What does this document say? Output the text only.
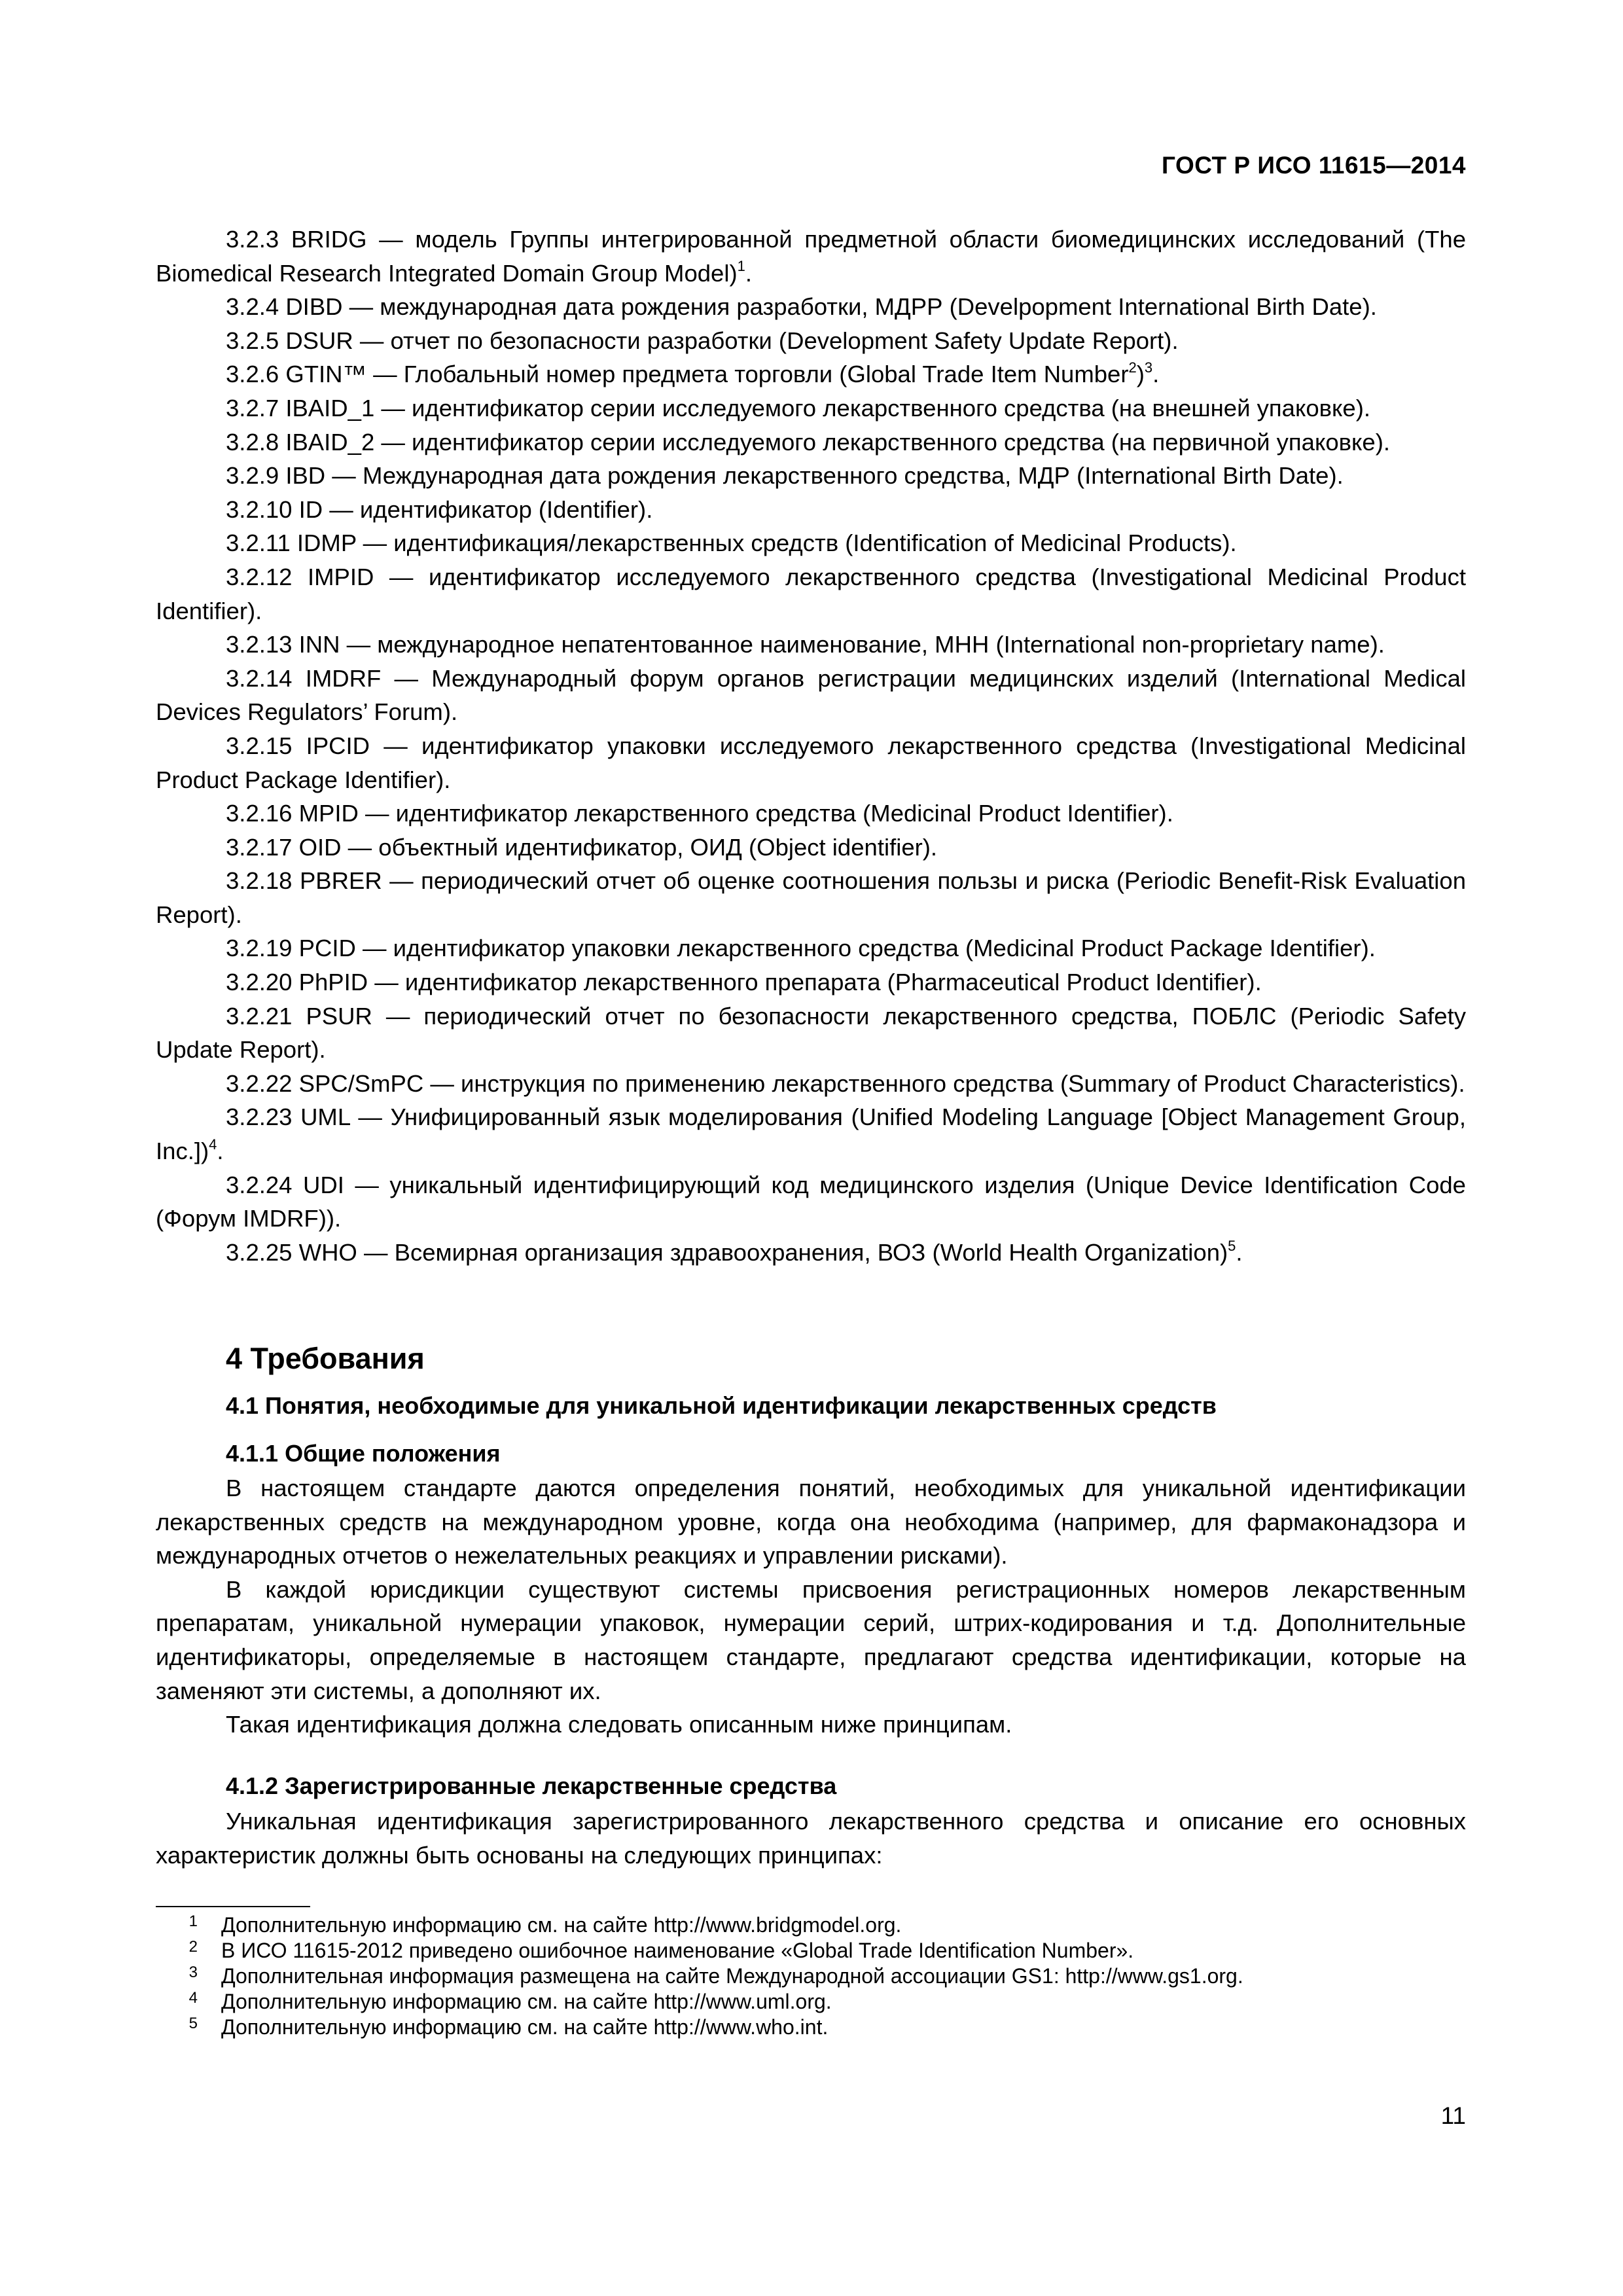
ГОСТ Р ИСО 11615—2014

3.2.3 BRIDG — модель Группы интегрированной предметной области биомедицинских исследований (The Biomedical Research Integrated Domain Group Model)$^1$.

3.2.4 DIBD — международная дата рождения разработки, МДРР (Develpopment International Birth Date).

3.2.5 DSUR — отчет по безопасности разработки (Development Safety Update Report).

3.2.6 GTIN™ — Глобальный номер предмета торговли (Global Trade Item Number$^2$)$^3$.

3.2.7 IBAID_1 — идентификатор серии исследуемого лекарственного средства (на внешней упаковке).

3.2.8 IBAID_2 — идентификатор серии исследуемого лекарственного средства (на первичной упаковке).

3.2.9 IBD — Международная дата рождения лекарственного средства, МДР (International Birth Date).

3.2.10 ID — идентификатор (Identifier).

3.2.11 IDMP — идентификация/лекарственных средств (Identification of Medicinal Products).

3.2.12 IMPID — идентификатор исследуемого лекарственного средства (Investigational Medicinal Product Identifier).

3.2.13 INN — международное непатентованное наименование, МНН (International non-proprietary name).

3.2.14 IMDRF — Международный форум органов регистрации медицинских изделий (International Medical Devices Regulators’ Forum).

3.2.15 IPCID — идентификатор упаковки исследуемого лекарственного средства (Investigational Medicinal Product Package Identifier).

3.2.16 MPID — идентификатор лекарственного средства (Medicinal Product Identifier).

3.2.17 OID — объектный идентификатор, ОИД (Object identifier).

3.2.18 PBRER — периодический отчет об оценке соотношения пользы и риска (Periodic Benefit-Risk Evaluation Report).

3.2.19 PCID — идентификатор упаковки лекарственного средства (Medicinal Product Package Identifier).

3.2.20 PhPID — идентификатор лекарственного препарата (Pharmaceutical Product Identifier).

3.2.21 PSUR — периодический отчет по безопасности лекарственного средства, ПОБЛС (Periodic Safety Update Report).

3.2.22 SPC/SmPC — инструкция по применению лекарственного средства (Summary of Product Characteristics).

3.2.23 UML — Унифицированный язык моделирования (Unified Modeling Language [Object Management Group, Inc.])$^4$.

3.2.24 UDI — уникальный идентифицирующий код медицинского изделия (Unique Device Identification Code (Форум IMDRF)).

3.2.25 WHO — Всемирная организация здравоохранения, ВОЗ (World Health Organization)$^5$.

4 Требования

4.1 Понятия, необходимые для уникальной идентификации лекарственных средств

4.1.1 Общие положения

В настоящем стандарте даются определения понятий, необходимых для уникальной идентификации лекарственных средств на международном уровне, когда она необходима (например, для фармаконадзора и международных отчетов о нежелательных реакциях и управлении рисками).

В каждой юрисдикции существуют системы присвоения регистрационных номеров лекарственным препаратам, уникальной нумерации упаковок, нумерации серий, штрих-кодирования и т.д. Дополнительные идентификаторы, определяемые в настоящем стандарте, предлагают средства идентификации, которые на заменяют эти системы, а дополняют их.

Такая идентификация должна следовать описанным ниже принципам.

4.1.2 Зарегистрированные лекарственные средства

Уникальная идентификация зарегистрированного лекарственного средства и описание его основных характеристик должны быть основаны на следующих принципах:

1	Дополнительную информацию см. на сайте http://www.bridgmodel.org.
2	В ИСО 11615-2012 приведено ошибочное наименование «Global Trade Identification Number».
3	Дополнительная информация размещена на сайте Международной ассоциации GS1: http://www.gs1.org.
4	Дополнительную информацию см. на сайте http://www.uml.org.
5	Дополнительную информацию см. на сайте http://www.who.int.
11
